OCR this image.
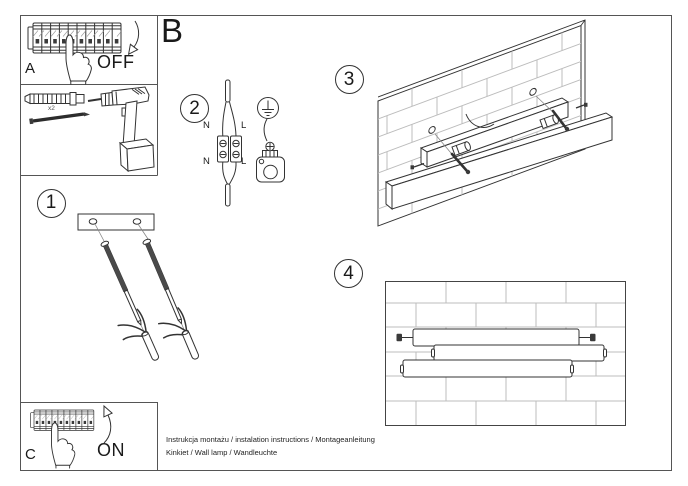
A	OFF
B
x2
1
2
3
4
N	L
N	L
C	ON
Instrukcja montażu / instalation instructions / Montageanleitung
Kinkiet / Wall lamp / Wandleuchte
